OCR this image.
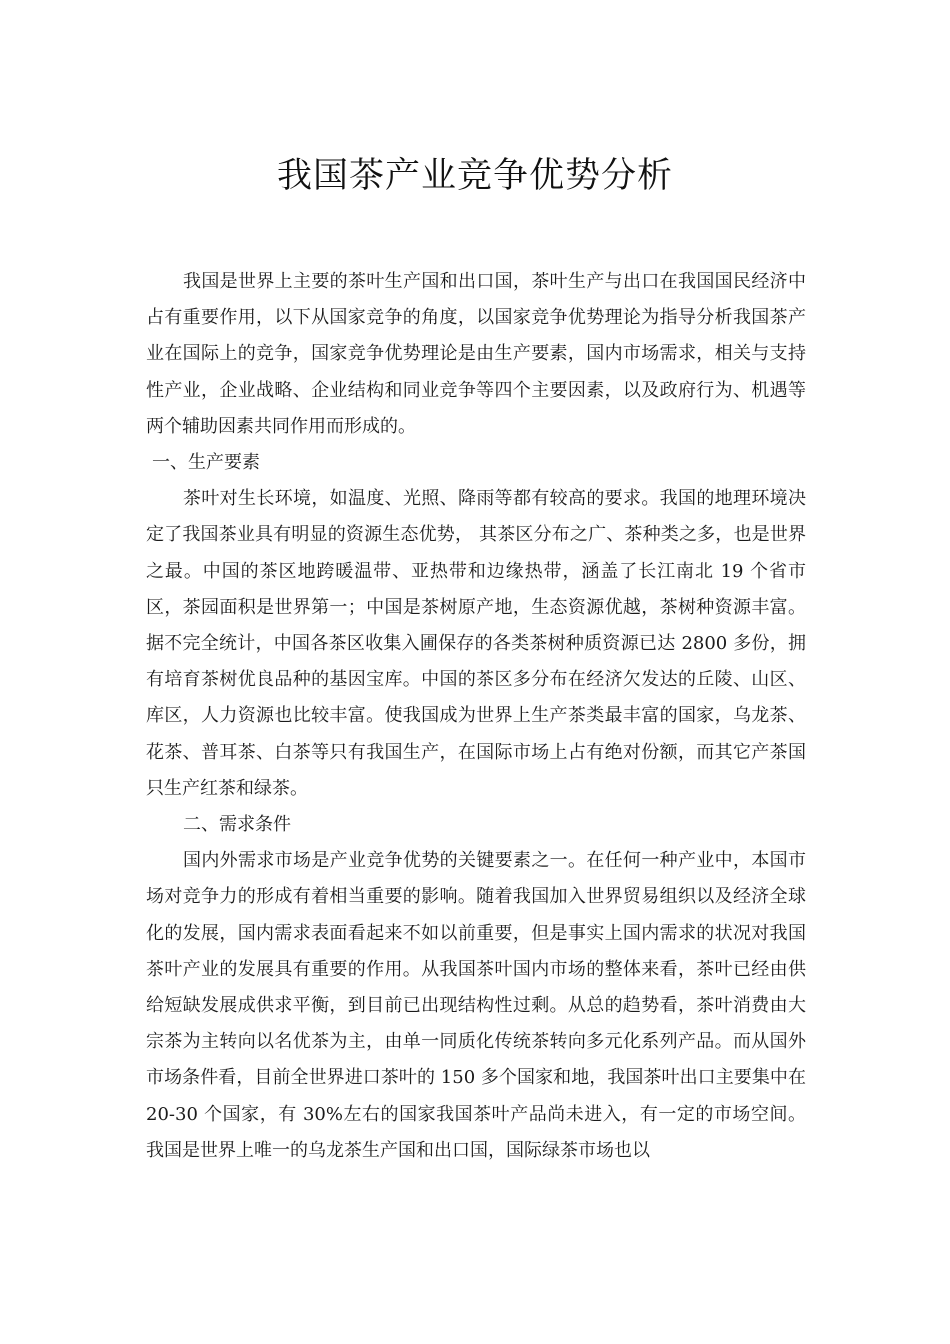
我国茶产业竞争优势分析

我国是世界上主要的茶叶生产国和出口国，茶叶生产与出口在我国国民经济中占有重要作用，以下从国家竞争的角度，以国家竞争优势理论为指导分析我国茶产业在国际上的竞争，国家竞争优势理论是由生产要素，国内市场需求，相关与支持性产业，企业战略、企业结构和同业竞争等四个主要因素，以及政府行为、机遇等两个辅助因素共同作用而形成的。

一、生产要素

茶叶对生长环境，如温度、光照、降雨等都有较高的要求。我国的地理环境决定了我国茶业具有明显的资源生态优势， 其茶区分布之广、茶种类之多，也是世界之最。中国的茶区地跨暖温带、亚热带和边缘热带，涵盖了长江南北 19 个省市区，茶园面积是世界第一；中国是茶树原产地，生态资源优越，茶树种资源丰富。据不完全统计，中国各茶区收集入圃保存的各类茶树种质资源已达 2800 多份，拥有培育茶树优良品种的基因宝库。中国的茶区多分布在经济欠发达的丘陵、山区、库区，人力资源也比较丰富。使我国成为世界上生产茶类最丰富的国家，乌龙茶、花茶、普耳茶、白茶等只有我国生产，在国际市场上占有绝对份额，而其它产茶国只生产红茶和绿茶。

二、需求条件

国内外需求市场是产业竞争优势的关键要素之一。在任何一种产业中，本国市场对竞争力的形成有着相当重要的影响。随着我国加入世界贸易组织以及经济全球化的发展，国内需求表面看起来不如以前重要，但是事实上国内需求的状况对我国茶叶产业的发展具有重要的作用。从我国茶叶国内市场的整体来看，茶叶已经由供给短缺发展成供求平衡，到目前已出现结构性过剩。从总的趋势看，茶叶消费由大宗茶为主转向以名优茶为主，由单一同质化传统茶转向多元化系列产品。而从国外市场条件看，目前全世界进口茶叶的 150 多个国家和地，我国茶叶出口主要集中在 20-30 个国家，有 30%左右的国家我国茶叶产品尚未进入，有一定的市场空间。我国是世界上唯一的乌龙茶生产国和出口国，国际绿茶市场也以
